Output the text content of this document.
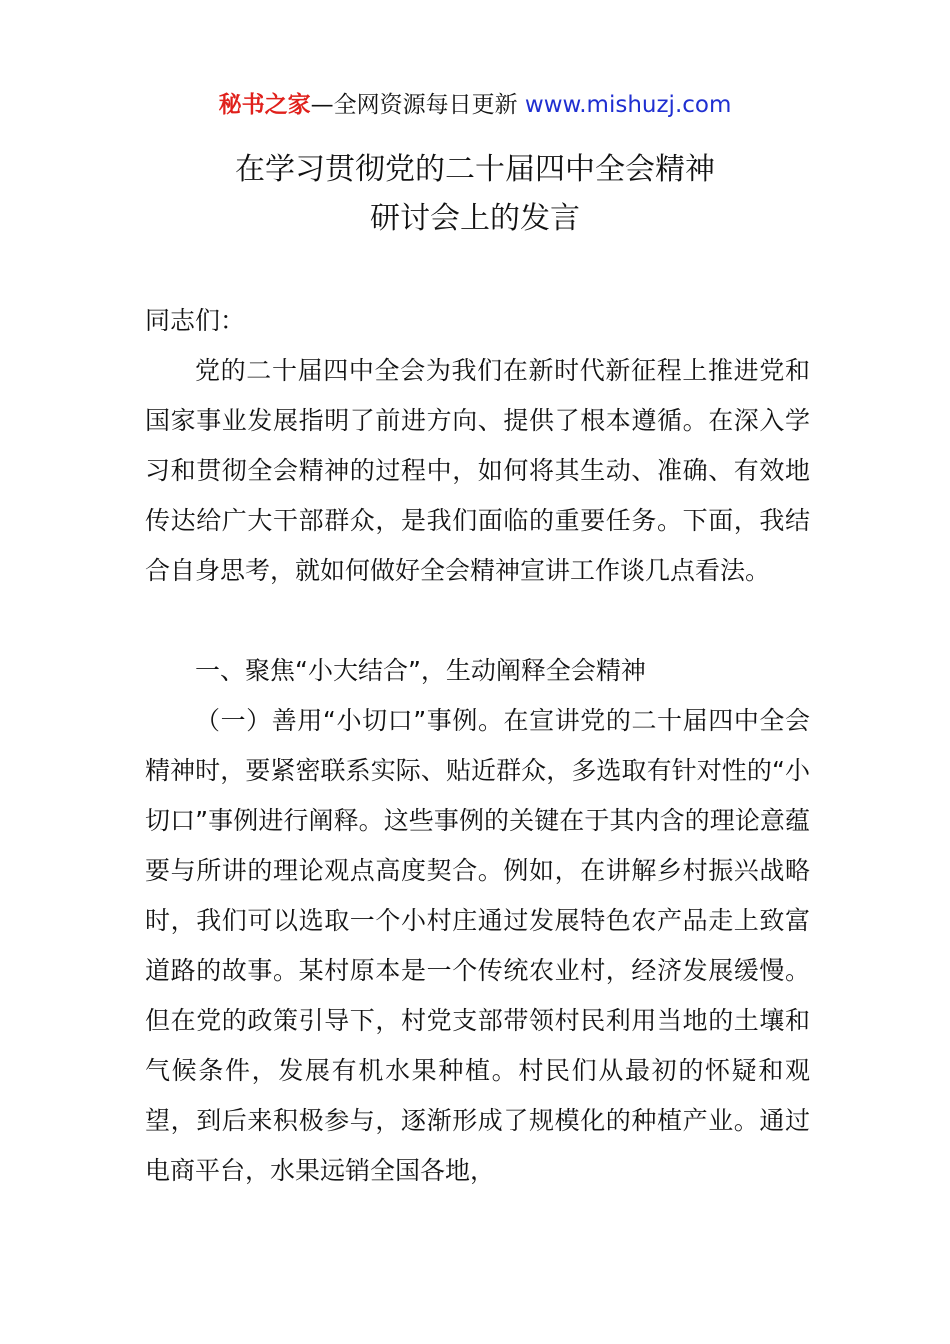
秘书之家—全网资源每日更新 www.mishuzj.com
在学习贯彻党的二十届四中全会精神
研讨会上的发言
同志们：
党的二十届四中全会为我们在新时代新征程上推进党和国家事业发展指明了前进方向、提供了根本遵循。在深入学习和贯彻全会精神的过程中，如何将其生动、准确、有效地传达给广大干部群众，是我们面临的重要任务。下面，我结合自身思考，就如何做好全会精神宣讲工作谈几点看法。
一、聚焦“小大结合”，生动阐释全会精神
（一）善用“小切口”事例。在宣讲党的二十届四中全会精神时，要紧密联系实际、贴近群众，多选取有针对性的“小切口”事例进行阐释。这些事例的关键在于其内含的理论意蕴要与所讲的理论观点高度契合。例如，在讲解乡村振兴战略时，我们可以选取一个小村庄通过发展特色农产品走上致富道路的故事。某村原本是一个传统农业村，经济发展缓慢。但在党的政策引导下，村党支部带领村民利用当地的土壤和气候条件，发展有机水果种植。村民们从最初的怀疑和观望，到后来积极参与，逐渐形成了规模化的种植产业。通过电商平台，水果远销全国各地，
